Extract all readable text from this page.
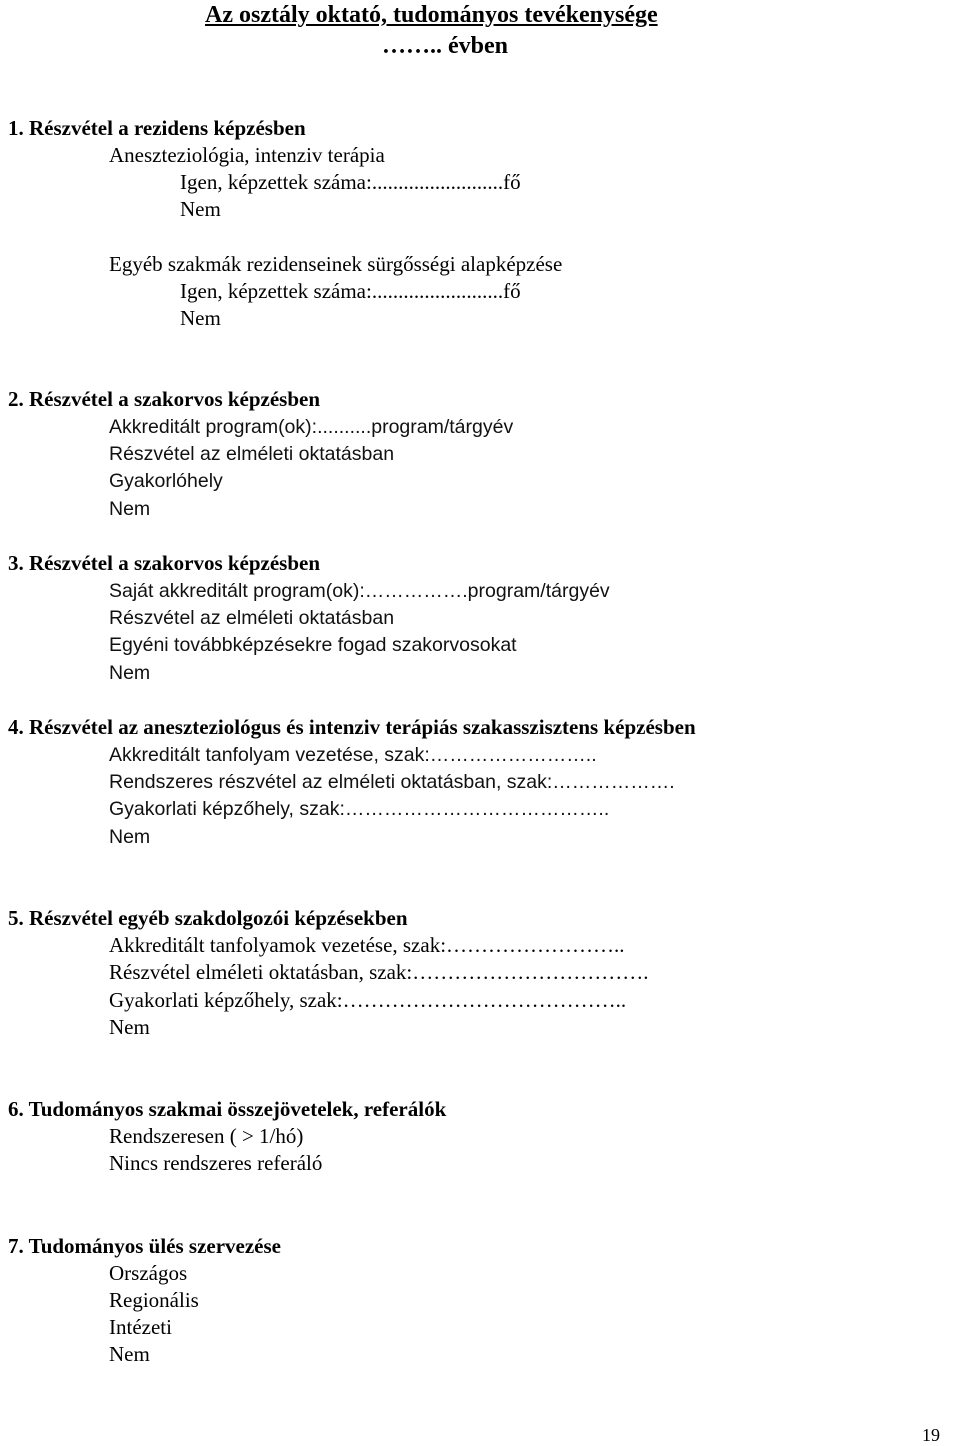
Az osztály oktató, tudományos tevékenysége
…….. évben
1. Részvétel a rezidens képzésben
Aneszteziológia, intenziv terápia
Igen, képzettek száma:.........................fő
Nem
Egyéb szakmák rezidenseinek sürgősségi alapképzése
Igen, képzettek száma:.........................fő
Nem
2. Részvétel a szakorvos képzésben
Akkreditált program(ok):..........program/tárgyév
Részvétel az elméleti oktatásban
Gyakorlóhely
Nem
3. Részvétel a szakorvos képzésben
Saját akkreditált program(ok):…………….program/tárgyév
Részvétel az elméleti oktatásban
Egyéni továbbképzésekre fogad szakorvosokat
Nem
4. Részvétel az aneszteziológus és intenziv terápiás szakasszisztens képzésben
Akkreditált tanfolyam vezetése, szak:……………………..
Rendszeres részvétel az elméleti oktatásban, szak:……………….
Gyakorlati képzőhely, szak:…………………………………..
Nem
5. Részvétel egyéb szakdolgozói képzésekben
Akkreditált tanfolyamok vezetése, szak:……………………..
Részvétel elméleti oktatásban, szak:…………………………….
Gyakorlati képzőhely, szak:…………………………………..
Nem
6. Tudományos szakmai összejövetelek, referálók
Rendszeresen ( > 1/hó)
Nincs rendszeres referáló
7. Tudományos ülés szervezése
Országos
Regionális
Intézeti
Nem
19
